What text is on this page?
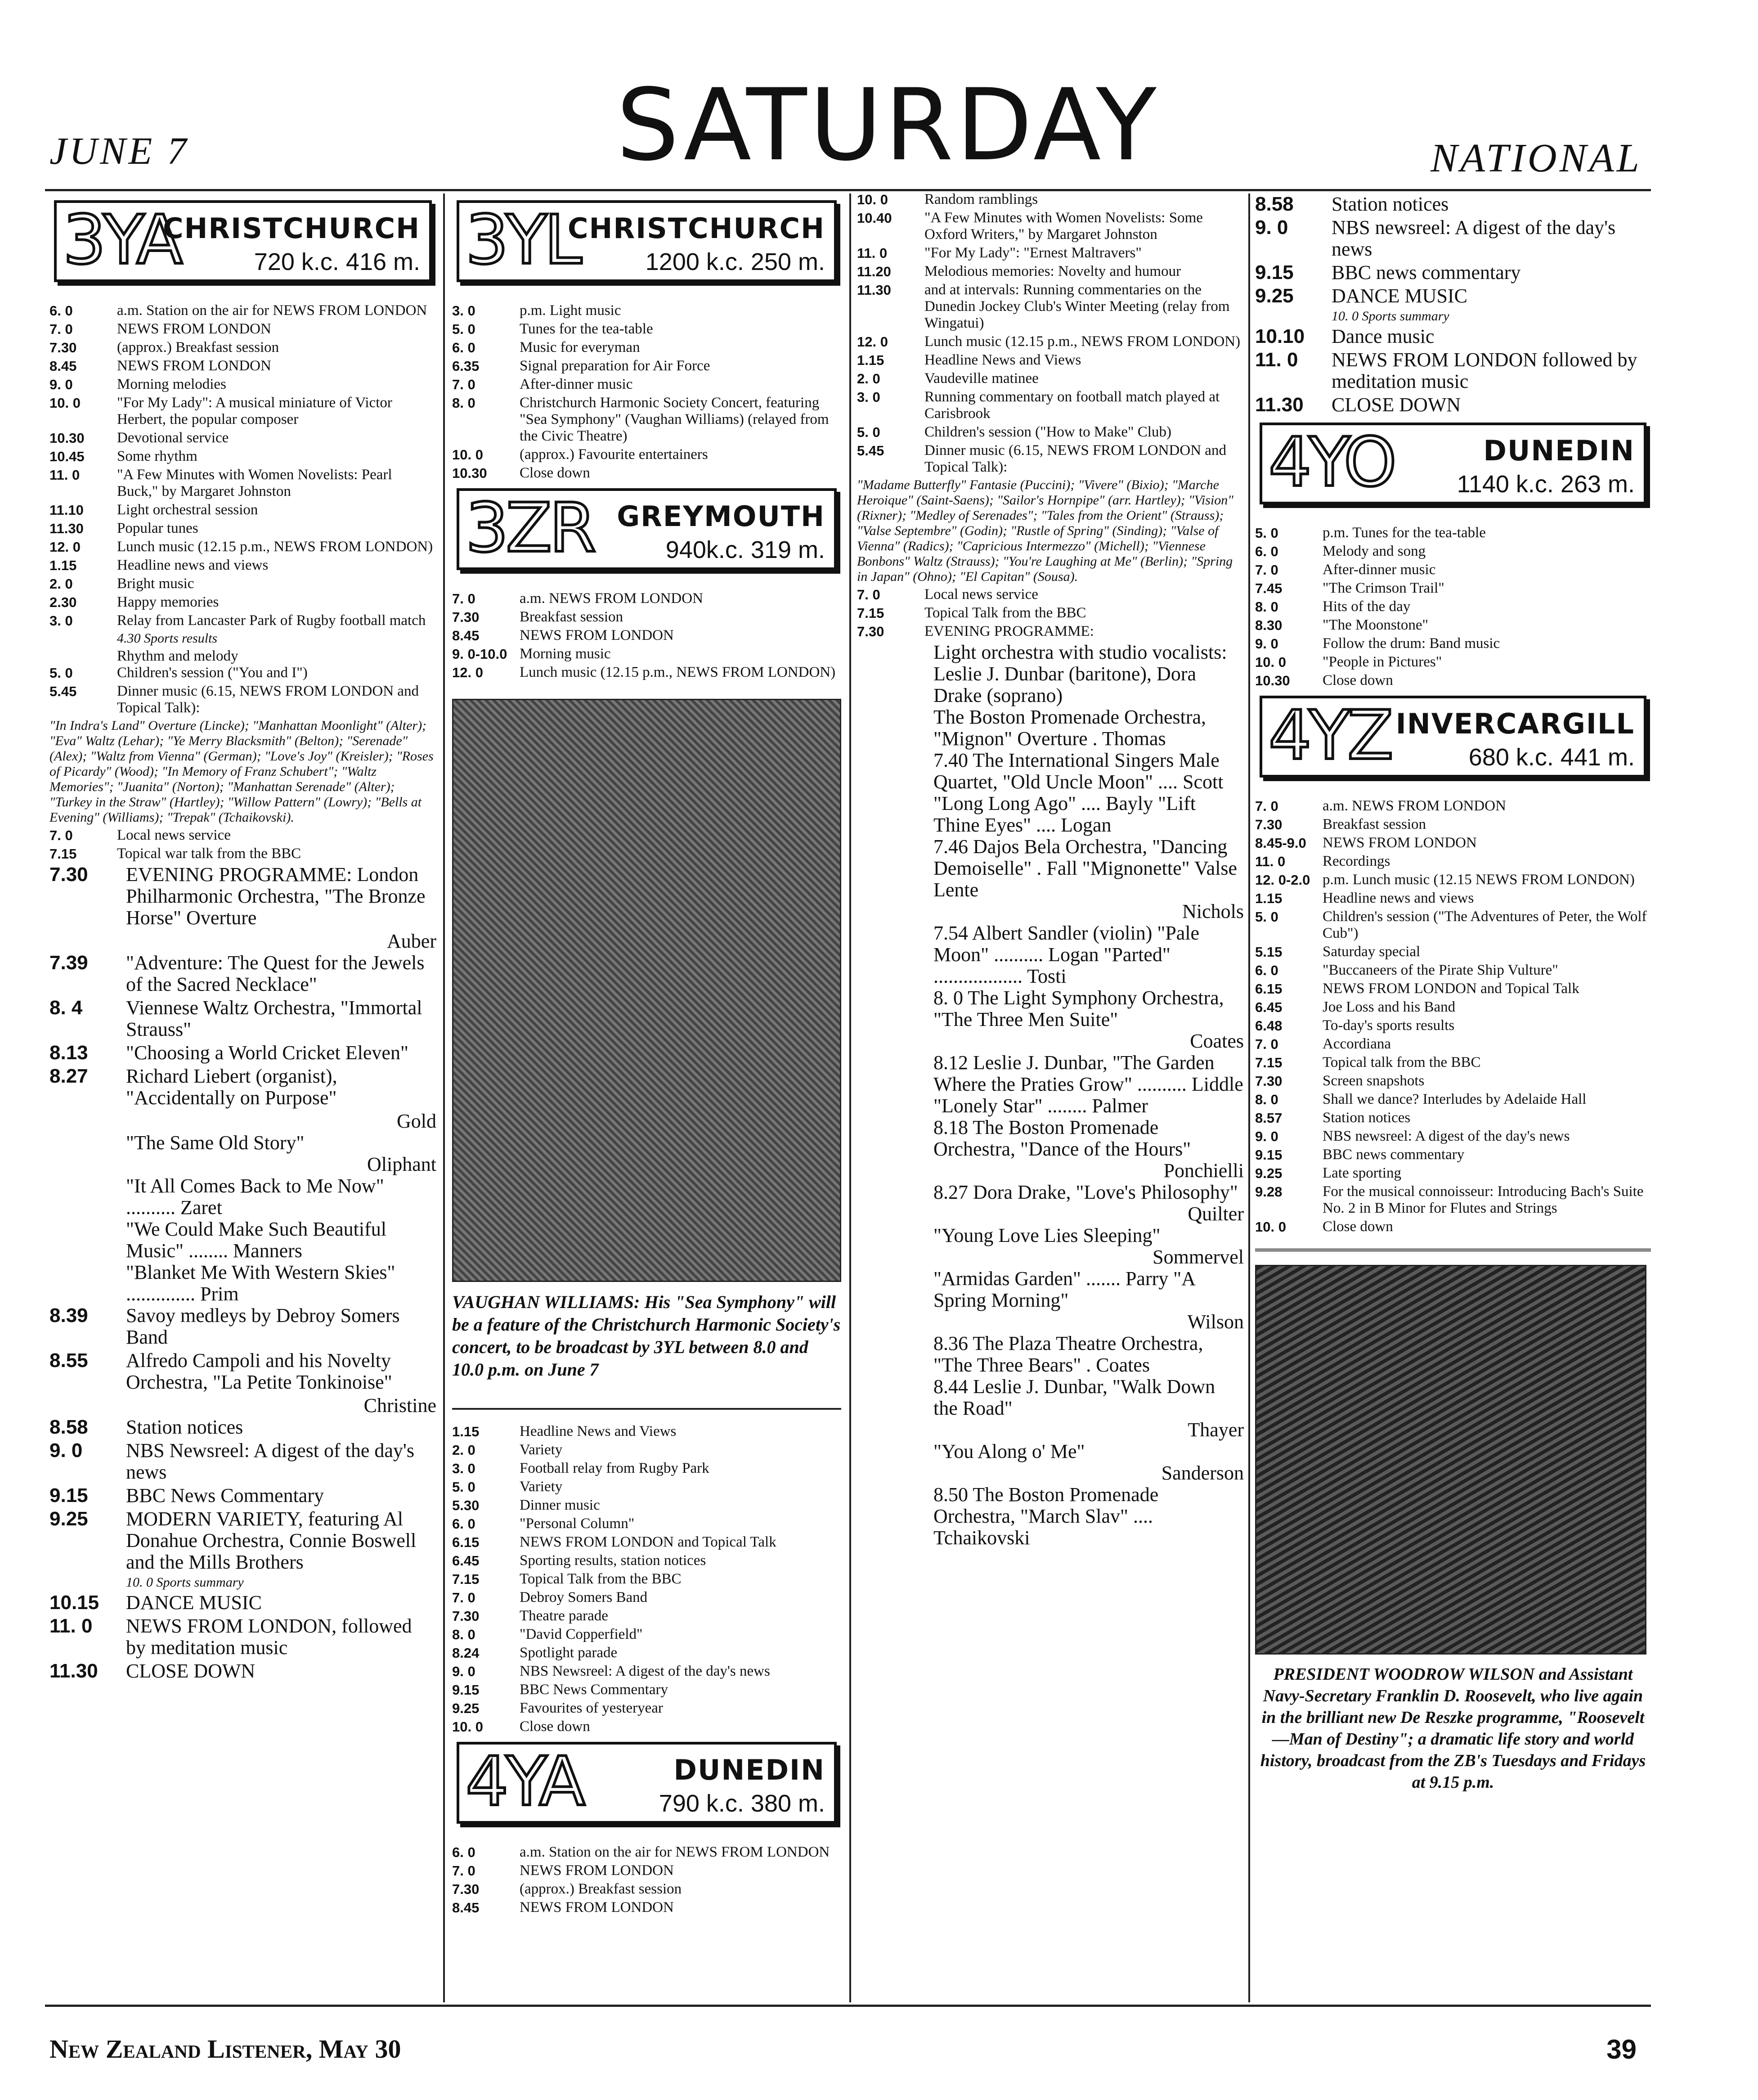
JUNE 7	SATURDAY	NATIONAL
3YA
CHRISTCHURCH
720 k.c. 416 m.
6. 0	a.m. Station on the air for NEWS FROM LONDON
7. 0	NEWS FROM LONDON
7.30	(approx.) Breakfast session
8.45	NEWS FROM LONDON
9. 0	Morning melodies
10. 0	"For My Lady": A musical miniature of Victor Herbert, the popular composer
10.30	Devotional service
10.45	Some rhythm
11. 0	"A Few Minutes with Women Novelists: Pearl Buck," by Margaret Johnston
11.10	Light orchestral session
11.30	Popular tunes
12. 0	Lunch music (12.15 p.m., NEWS FROM LONDON)
1.15	Headline news and views
2. 0	Bright music
2.30	Happy memories
3. 0	Relay from Lancaster Park of Rugby football match
4.30 Sports results
Rhythm and melody
5. 0	Children's session ("You and I")
5.45	Dinner music (6.15, NEWS FROM LONDON and Topical Talk):
"In Indra's Land" Overture (Lincke); "Manhattan Moonlight" (Alter); "Eva" Waltz (Lehar); "Ye Merry Blacksmith" (Belton); "Serenade" (Alex); "Waltz from Vienna" (German); "Love's Joy" (Kreisler); "Roses of Picardy" (Wood); "In Memory of Franz Schubert"; "Waltz Memories"; "Juanita" (Norton); "Manhattan Serenade" (Alter); "Turkey in the Straw" (Hartley); "Willow Pattern" (Lowry); "Bells at Evening" (Williams); "Trepak" (Tchaikovski).
7. 0	Local news service
7.15	Topical war talk from the BBC
7.30	EVENING PROGRAMME: London Philharmonic Orchestra, "The Bronze Horse" Overture
Auber
7.39	"Adventure: The Quest for the Jewels of the Sacred Necklace"
8. 4	Viennese Waltz Orchestra, "Immortal Strauss"
8.13	"Choosing a World Cricket Eleven"
8.27	Richard Liebert (organist), "Accidentally on Purpose"
Gold
"The Same Old Story"
Oliphant
"It All Comes Back to Me Now" .......... Zaret
"We Could Make Such Beautiful Music" ........ Manners
"Blanket Me With Western Skies" .............. Prim
8.39	Savoy medleys by Debroy Somers Band
8.55	Alfredo Campoli and his Novelty Orchestra, "La Petite Tonkinoise"
Christine
8.58	Station notices
9. 0	NBS Newsreel: A digest of the day's news
9.15	BBC News Commentary
9.25	MODERN VARIETY, featuring Al Donahue Orchestra, Connie Boswell and the Mills Brothers
10. 0 Sports summary
10.15	DANCE MUSIC
11. 0	NEWS FROM LONDON, followed by meditation music
11.30	CLOSE DOWN
3YL
CHRISTCHURCH
1200 k.c. 250 m.
3. 0	p.m. Light music
5. 0	Tunes for the tea-table
6. 0	Music for everyman
6.35	Signal preparation for Air Force
7. 0	After-dinner music
8. 0	Christchurch Harmonic Society Concert, featuring "Sea Symphony" (Vaughan Williams) (relayed from the Civic Theatre)
10. 0	(approx.) Favourite entertainers
10.30	Close down
3ZR GREYMOUTH
940k.c. 319 m.
7. 0	a.m. NEWS FROM LONDON
7.30	Breakfast session
8.45	NEWS FROM LONDON
9. 0-10.0 Morning music
12. 0	Lunch music (12.15 p.m., NEWS FROM LONDON)
VAUGHAN WILLIAMS: His "Sea Symphony" will be a feature of the Christchurch Harmonic Society's concert, to be broadcast by 3YL between 8.0 and 10.0 p.m. on June 7
1.15	Headline News and Views
2. 0	Variety
3. 0	Football relay from Rugby Park
5. 0	Variety
5.30	Dinner music
6. 0	"Personal Column"
6.15	NEWS FROM LONDON and Topical Talk
6.45	Sporting results, station notices
7.15	Topical Talk from the BBC
7. 0	Debroy Somers Band
7.30	Theatre parade
8. 0	"David Copperfield"
8.24	Spotlight parade
9. 0	NBS Newsreel: A digest of the day's news
9.15	BBC News Commentary
9.25	Favourites of yesteryear
10. 0	Close down
4YA	DUNEDIN
790 k.c. 380 m.
6. 0	a.m. Station on the air for NEWS FROM LONDON
7. 0	NEWS FROM LONDON
7.30	(approx.) Breakfast session
8.45	NEWS FROM LONDON
10. 0	Random ramblings
10.40	"A Few Minutes with Women Novelists: Some Oxford Writers," by Margaret Johnston
11. 0	"For My Lady": "Ernest Maltravers"
11.20	Melodious memories: Novelty and humour
11.30	and at intervals: Running commentaries on the Dunedin Jockey Club's Winter Meeting (relay from Wingatui)
12. 0	Lunch music (12.15 p.m., NEWS FROM LONDON)
1.15	Headline News and Views
2. 0	Vaudeville matinee
3. 0	Running commentary on football match played at Carisbrook
5. 0	Children's session ("How to Make" Club)
5.45	Dinner music (6.15, NEWS FROM LONDON and Topical Talk):
"Madame Butterfly" Fantasie (Puccini); "Vivere" (Bixio); "Marche Heroique" (Saint-Saens); "Sailor's Hornpipe" (arr. Hartley); "Vision" (Rixner); "Medley of Serenades"; "Tales from the Orient" (Strauss); "Valse Septembre" (Godin); "Rustle of Spring" (Sinding); "Valse of Vienna" (Radics); "Capricious Intermezzo" (Michell); "Viennese Bonbons" Waltz (Strauss); "You're Laughing at Me" (Berlin); "Spring in Japan" (Ohno); "El Capitan" (Sousa).
7. 0	Local news service
7.15	Topical Talk from the BBC
7.30	EVENING PROGRAMME:
Light orchestra with studio vocalists: Leslie J. Dunbar (baritone), Dora Drake (soprano)
The Boston Promenade Orchestra, "Mignon" Overture . Thomas
7.40 The International Singers Male Quartet, "Old Uncle Moon" .... Scott "Long Long Ago" .... Bayly "Lift Thine Eyes" .... Logan
7.46 Dajos Bela Orchestra, "Dancing Demoiselle" . Fall "Mignonette" Valse Lente
Nichols
7.54 Albert Sandler (violin) "Pale Moon" .......... Logan "Parted" .................. Tosti
8. 0 The Light Symphony Orchestra, "The Three Men Suite"
Coates
8.12 Leslie J. Dunbar, "The Garden Where the Praties Grow" .......... Liddle "Lonely Star" ........ Palmer
8.18 The Boston Promenade Orchestra, "Dance of the Hours"
Ponchielli
8.27 Dora Drake, "Love's Philosophy"
Quilter
"Young Love Lies Sleeping"
Sommervel
"Armidas Garden" ....... Parry "A Spring Morning"
Wilson
8.36 The Plaza Theatre Orchestra, "The Three Bears" . Coates
8.44 Leslie J. Dunbar, "Walk Down the Road"
Thayer
"You Along o' Me"
Sanderson
8.50 The Boston Promenade Orchestra, "March Slav" .... Tchaikovski
8.58	Station notices
9. 0	NBS newsreel: A digest of the day's news
9.15	BBC news commentary
9.25	DANCE MUSIC
10. 0 Sports summary
10.10	Dance music
11. 0	NEWS FROM LONDON followed by meditation music
11.30	CLOSE DOWN
4YO	DUNEDIN
1140 k.c. 263 m.
5. 0	p.m. Tunes for the tea-table
6. 0	Melody and song
7. 0	After-dinner music
7.45	"The Crimson Trail"
8. 0	Hits of the day
8.30	"The Moonstone"
9. 0	Follow the drum: Band music
10. 0	"People in Pictures"
10.30	Close down
4YZ INVERCARGILL
680 k.c. 441 m.
7. 0	a.m. NEWS FROM LONDON
7.30	Breakfast session
8.45-9.0	NEWS FROM LONDON
11. 0	Recordings
12. 0-2.0 p.m. Lunch music (12.15 NEWS FROM LONDON)
1.15	Headline news and views
5. 0	Children's session ("The Adventures of Peter, the Wolf Cub")
5.15	Saturday special
6. 0	"Buccaneers of the Pirate Ship Vulture"
6.15	NEWS FROM LONDON and Topical Talk
6.45	Joe Loss and his Band
6.48	To-day's sports results
7. 0	Accordiana
7.15	Topical talk from the BBC
7.30	Screen snapshots
8. 0	Shall we dance? Interludes by Adelaide Hall
8.57	Station notices
9. 0	NBS newsreel: A digest of the day's news
9.15	BBC news commentary
9.25	Late sporting
9.28	For the musical connoisseur: Introducing Bach's Suite No. 2 in B Minor for Flutes and Strings
10. 0	Close down
PRESIDENT WOODROW WILSON and Assistant Navy-Secretary Franklin D. Roosevelt, who live again in the brilliant new De Reszke programme, "Roosevelt—Man of Destiny"; a dramatic life story and world history, broadcast from the ZB's Tuesdays and Fridays at 9.15 p.m.
New Zealand Listener, May 30	39
